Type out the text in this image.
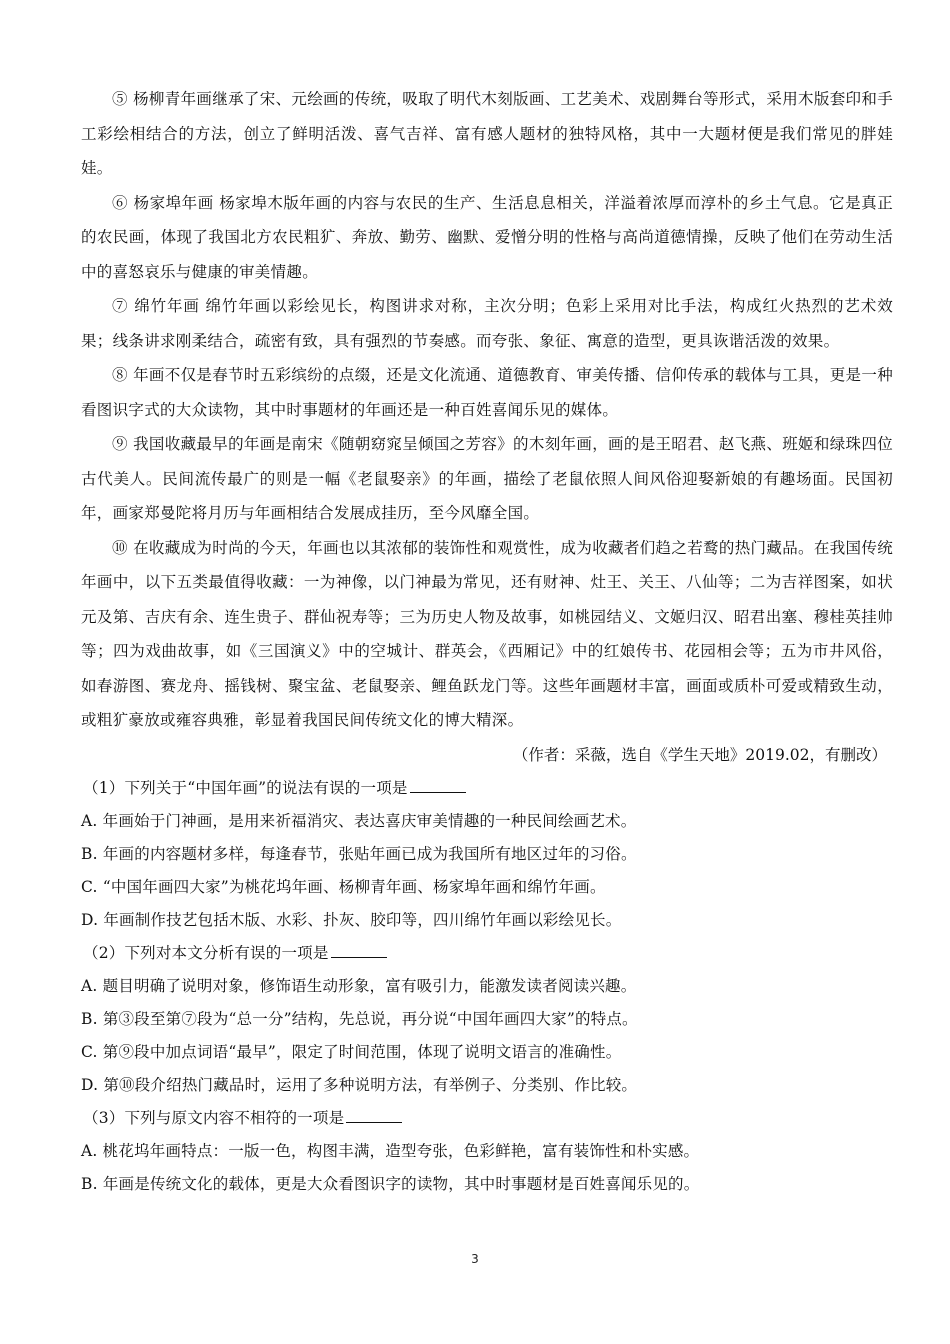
⑤ 杨柳青年画继承了宋、元绘画的传统，吸取了明代木刻版画、工艺美术、戏剧舞台等形式，采用木版套印和手工彩绘相结合的方法，创立了鲜明活泼、喜气吉祥、富有感人题材的独特风格，其中一大题材便是我们常见的胖娃娃。

⑥ 杨家埠年画 杨家埠木版年画的内容与农民的生产、生活息息相关，洋溢着浓厚而淳朴的乡土气息。它是真正的农民画，体现了我国北方农民粗犷、奔放、勤劳、幽默、爱憎分明的性格与高尚道德情操，反映了他们在劳动生活中的喜怒哀乐与健康的审美情趣。

⑦ 绵竹年画 绵竹年画以彩绘见长，构图讲求对称，主次分明；色彩上采用对比手法，构成红火热烈的艺术效果；线条讲求刚柔结合，疏密有致，具有强烈的节奏感。而夸张、象征、寓意的造型，更具诙谐活泼的效果。

⑧ 年画不仅是春节时五彩缤纷的点缀，还是文化流通、道德教育、审美传播、信仰传承的载体与工具，更是一种看图识字式的大众读物，其中时事题材的年画还是一种百姓喜闻乐见的媒体。

⑨ 我国收藏最早的年画是南宋《随朝窈窕呈倾国之芳容》的木刻年画，画的是王昭君、赵飞燕、班姬和绿珠四位古代美人。民间流传最广的则是一幅《老鼠娶亲》的年画，描绘了老鼠依照人间风俗迎娶新娘的有趣场面。民国初年，画家郑曼陀将月历与年画相结合发展成挂历，至今风靡全国。

⑩ 在收藏成为时尚的今天，年画也以其浓郁的装饰性和观赏性，成为收藏者们趋之若鹜的热门藏品。在我国传统年画中，以下五类最值得收藏：一为神像，以门神最为常见，还有财神、灶王、关王、八仙等；二为吉祥图案，如状元及第、吉庆有余、连生贵子、群仙祝寿等；三为历史人物及故事，如桃园结义、文姬归汉、昭君出塞、穆桂英挂帅等；四为戏曲故事，如《三国演义》中的空城计、群英会，《西厢记》中的红娘传书、花园相会等；五为市井风俗，如春游图、赛龙舟、摇钱树、聚宝盆、老鼠娶亲、鲤鱼跃龙门等。这些年画题材丰富，画面或质朴可爱或精致生动，或粗犷豪放或雍容典雅，彰显着我国民间传统文化的博大精深。

（作者：采薇，选自《学生天地》2019.02，有删改）

（1）下列关于“中国年画”的说法有误的一项是

A. 年画始于门神画，是用来祈福消灾、表达喜庆审美情趣的一种民间绘画艺术。

B. 年画的内容题材多样，每逢春节，张贴年画已成为我国所有地区过年的习俗。

C. “中国年画四大家”为桃花坞年画、杨柳青年画、杨家埠年画和绵竹年画。

D. 年画制作技艺包括木版、水彩、扑灰、胶印等，四川绵竹年画以彩绘见长。

（2）下列对本文分析有误的一项是

A. 题目明确了说明对象，修饰语生动形象，富有吸引力，能激发读者阅读兴趣。

B. 第③段至第⑦段为“总一分”结构，先总说，再分说“中国年画四大家”的特点。

C. 第⑨段中加点词语“最早”，限定了时间范围，体现了说明文语言的准确性。

D. 第⑩段介绍热门藏品时，运用了多种说明方法，有举例子、分类别、作比较。

（3）下列与原文内容不相符的一项是

A. 桃花坞年画特点：一版一色，构图丰满，造型夸张，色彩鲜艳，富有装饰性和朴实感。

B. 年画是传统文化的载体，更是大众看图识字的读物，其中时事题材是百姓喜闻乐见的。

3
